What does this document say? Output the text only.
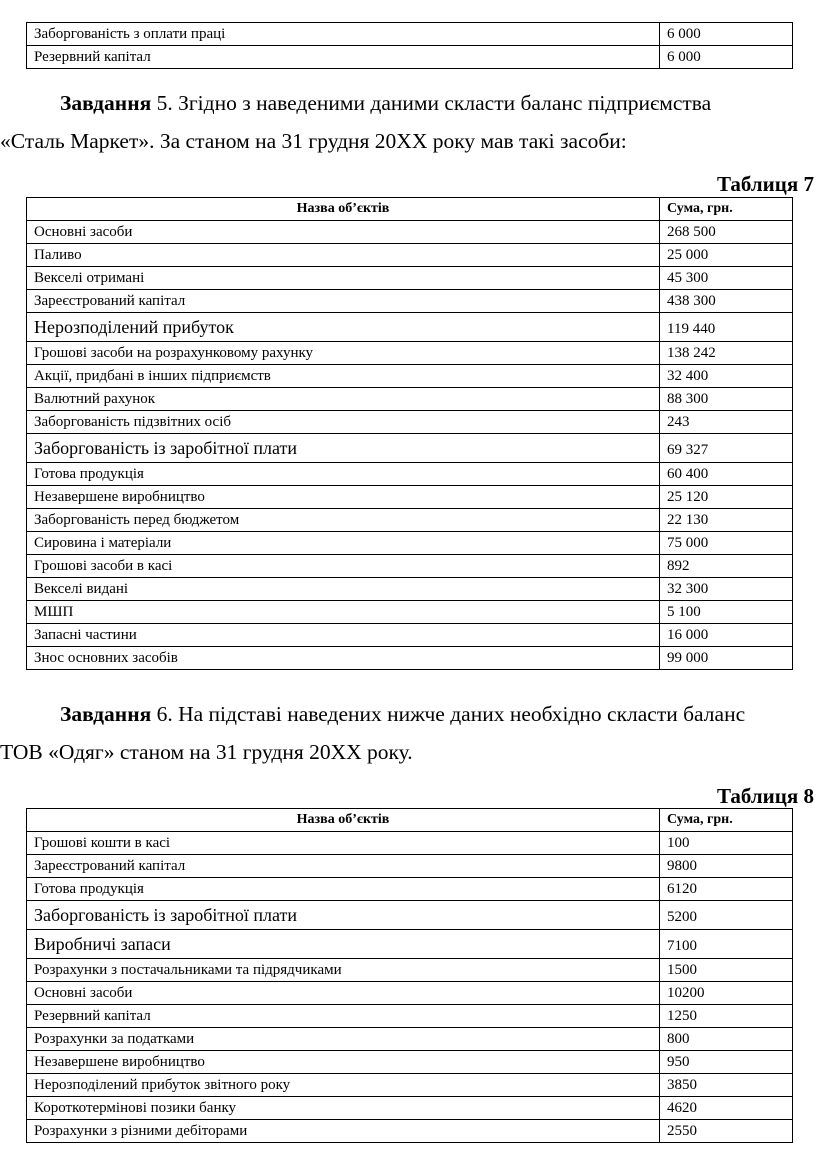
Заборгованість з оплати праці	6 000
Резервний капітал	6 000
Завдання 5. Згідно з наведеними даними скласти баланс підприємства
«Сталь Маркет». За станом на 31 грудня 20ХХ року мав такі засоби:
Таблиця 7
Назва об’єктів	Сума, грн.
Основні засоби	268 500
Паливо	25 000
Векселі отримані	45 300
Зареєстрований капітал	438 300
Нерозподілений прибуток	119 440
Грошові засоби на розрахунковому рахунку	138 242
Акції, придбані в інших підприємств	32 400
Валютний рахунок	88 300
Заборгованість підзвітних осіб	243
Заборгованість із заробітної плати	69 327
Готова продукція	60 400
Незавершене виробництво	25 120
Заборгованість перед бюджетом	22 130
Сировина і матеріали	75 000
Грошові засоби в касі	892
Векселі видані	32 300
МШП	5 100
Запасні частини	16 000
Знос основних засобів	99 000
Завдання 6. На підставі наведених нижче даних необхідно скласти баланс
ТОВ «Одяг» станом на 31 грудня 20ХХ року.
Таблиця 8
Назва об’єктів	Сума, грн.
Грошові кошти в касі	100
Зареєстрований капітал	9800
Готова продукція	6120
Заборгованість із заробітної плати	5200
Виробничі запаси	7100
Розрахунки з постачальниками та підрядчиками	1500
Основні засоби	10200
Резервний капітал	1250
Розрахунки за податками	800
Незавершене виробництво	950
Нерозподілений прибуток звітного року	3850
Короткотермінові позики банку	4620
Розрахунки з різними дебіторами	2550
